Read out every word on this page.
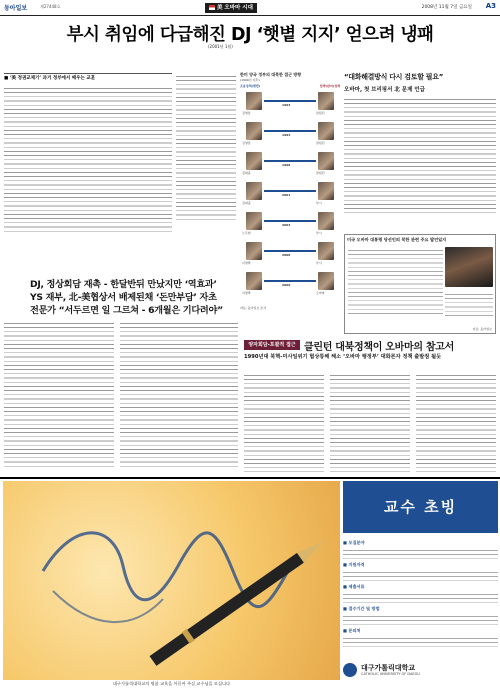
동아일보	제27448호	美 오바마 시대	2008년 11월 7일 금요일 A3
부시 취임에 다급해진 DJ ‘햇볕 지지’ 얻으려 냉패
(2001년 1월)
■ ‘美 정권교체기’ 과거 정부에서 배우는 교훈
DJ, 정상회담 재촉 - 한달반뒤 만났지만 ‘역효과’
YS 재부, 北-美협상서 배제된채 ‘돈만부담’ 자초
전문가 “서두르면 일 그르쳐 - 6개월은 기다려야”
한미 양국 정부의 대북한 접근 방향
(1990년 이후)
포용정책(햇볕)	압박(관여)정책
김영삼	클린턴
1993
김영삼	클린턴
1994
김대중	클린턴
1998
김대중	부시
2001
노무현	부시
2003
이명박	부시
2008
이명박	오바마
2009
자료: 동아일보 조사
“대화해결방식 다시 검토할 필요”
오바마, 첫 브리핑서 北 문제 언급
미국 오바마 대통령 당선인의 북한 관련 주요 발언일지
자료: 동아일보
양자회담-포괄적 접근 클린턴 대북정책이 오바마의 참고서
1990년대 북핵-미사일위기 협상통해 해소 ‘오바마 행정부’ 대화론자 정책 출발점 될듯
교수 초빙
■ 모집분야
■ 지원자격
■ 제출서류
■ 접수기간 및 방법
■ 문의처
대구가톨릭대학교
CATHOLIC UNIVERSITY OF DAEGU
대구가톨릭대학교의 명품 교육을 이끌어 주실 교수님을 모십니다
